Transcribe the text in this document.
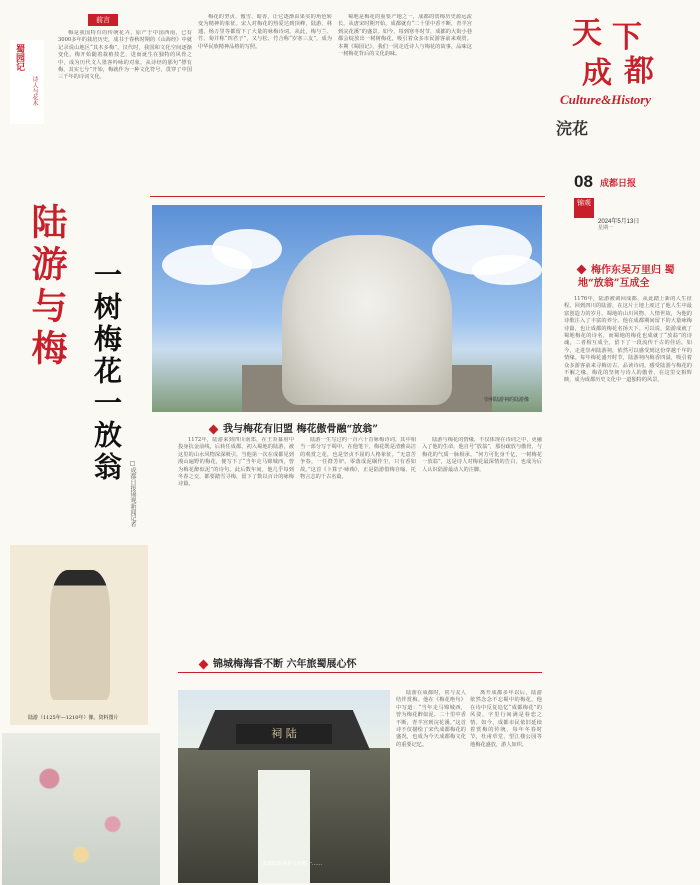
蜀园记
诗人与花木
前言

梅是我国特有的传统花卉，原产于中国西南，已有3000多年的栽培历史，成书于春秋时期的《山海经》中就记录说山地区“其木多梅”。汉代时，我国和文化空间逐渐变化，梅开始随着栽植技艺，进而诞生在独特的风骨之中，成为历代文人墨客吟咏的对象。从诗经的那句“摽有梅，其实七兮”开始，梅就作为一种文化符号，贯穿了中国三千年的诗词文化。

梅花的坚贞、傲雪、暗香，让它逐渐由果实的角色转变为精神的象征。宋人对梅花的热爱达到顶峰，陆游、林逋、杨万里等都留下了大量的咏梅诗词。从此，梅与兰、竹、菊并称“四君子”，又与松、竹合称“岁寒三友”，成为中华民族精神品格的写照。

蜀地是梅花的重要产地之一，成都的赏梅历史源远流长。从唐宋时期开始，成都就有“二十里中香不断，青羊宫到浣花溪”的盛景。如今，每到寒冬时节，成都的大街小巷都会绽放出一树树梅花，吸引着众多市民游客前来观赏。本期《蜀园记》，我们一同走近诗人与梅花的故事，品味这一树梅花背后的文化韵味。

天 下
成 都
Culture&History
浣花
08 成都日报
锦观
2024年5月13日
星期一
陆游与梅 一树梅花一放翁
□成都日报锦观新闻记者
崇州陆游祠的陆游像
我与梅花有旧盟 梅花傲骨融“放翁”

1172年，陆游来到四川南郑，在王炎幕府中投身抗金前线，后转任成都。初入蜀地的陆游，被这里的山水风物深深吸引。当他第一次在成都见到漫山遍野的梅花，便写下了“当年走马锦城西，曾为梅花醉似泥”的诗句。此后数年间，他几乎每到冬春之交，都要踏雪寻梅，留下了数以百计的咏梅诗篇。

陆游一生写过约一百六十首咏梅诗词，其中相当一部分写于蜀中。在他笔下，梅花既是清雅高洁的观赏之花，也是坚贞不屈的人格象征。“无意苦争春，一任群芳妒。零落成泥碾作尘，只有香如故。”这首《卜算子·咏梅》，正是陆游借梅自喻、托物言志的千古名篇。

陆游与梅花的情缘，不仅体现在诗词之中，更融入了他的生命。他自号“放翁”，那份疏放与傲骨，与梅花的气质一脉相承。“何方可化身千亿，一树梅花一放翁”，这是诗人对梅花最深情的告白，也成为后人认识陆游最动人的注脚。

陆游（1125年—1210年）像。资料图片
锦城梅海香不断 六年旅蜀展心怀
祠 陆
成都陆游祠是崇州唯一……

陆游在成都时，常与友人结伴赏梅。他在《梅花绝句》中写道：“当年走马锦城西，曾为梅花醉似泥。二十里中香不断，青羊宫到浣花溪。”这首诗不仅描绘了宋代成都梅花的盛况，也成为今天成都梅文化的重要记忆。

离开成都多年以后，陆游依然念念不忘蜀中的梅花。他在诗中反复追忆“成都梅花”的风姿，字里行间满是眷恋之情。如今，成都市民依旧延续着赏梅的传统，每年冬春时节，杜甫草堂、望江楼公园等地梅花盛放，游人如织。

梅作东吴万里归 蜀地“放翁”互成全

1176年，陆游被调回成都，从此踏上新的人生征程。回到四川的陆游，在这片土地上度过了他人生中最富创造力的岁月。蜀地的山川风物、人情世故，为他的诗歌注入了丰富的养分。他在成都期间留下的大量咏梅诗篇，也让成都的梅花名扬天下。可以说，陆游成就了蜀地梅花的诗名，而蜀地的梅花也成就了“放翁”的诗魂。二者相互成全，留下了一段流传千古的佳话。如今，走进崇州陆游祠，依然可以感受到这份穿越千年的情缘。每年梅花盛开时节，陆游祠内梅香四溢，吸引着众多游客前来寻梅访古、品读诗词，感受陆游与梅花的不解之缘。梅花的坚韧与诗人的傲骨，在这里交相辉映，成为成都历史文化中一道独特的风景。
